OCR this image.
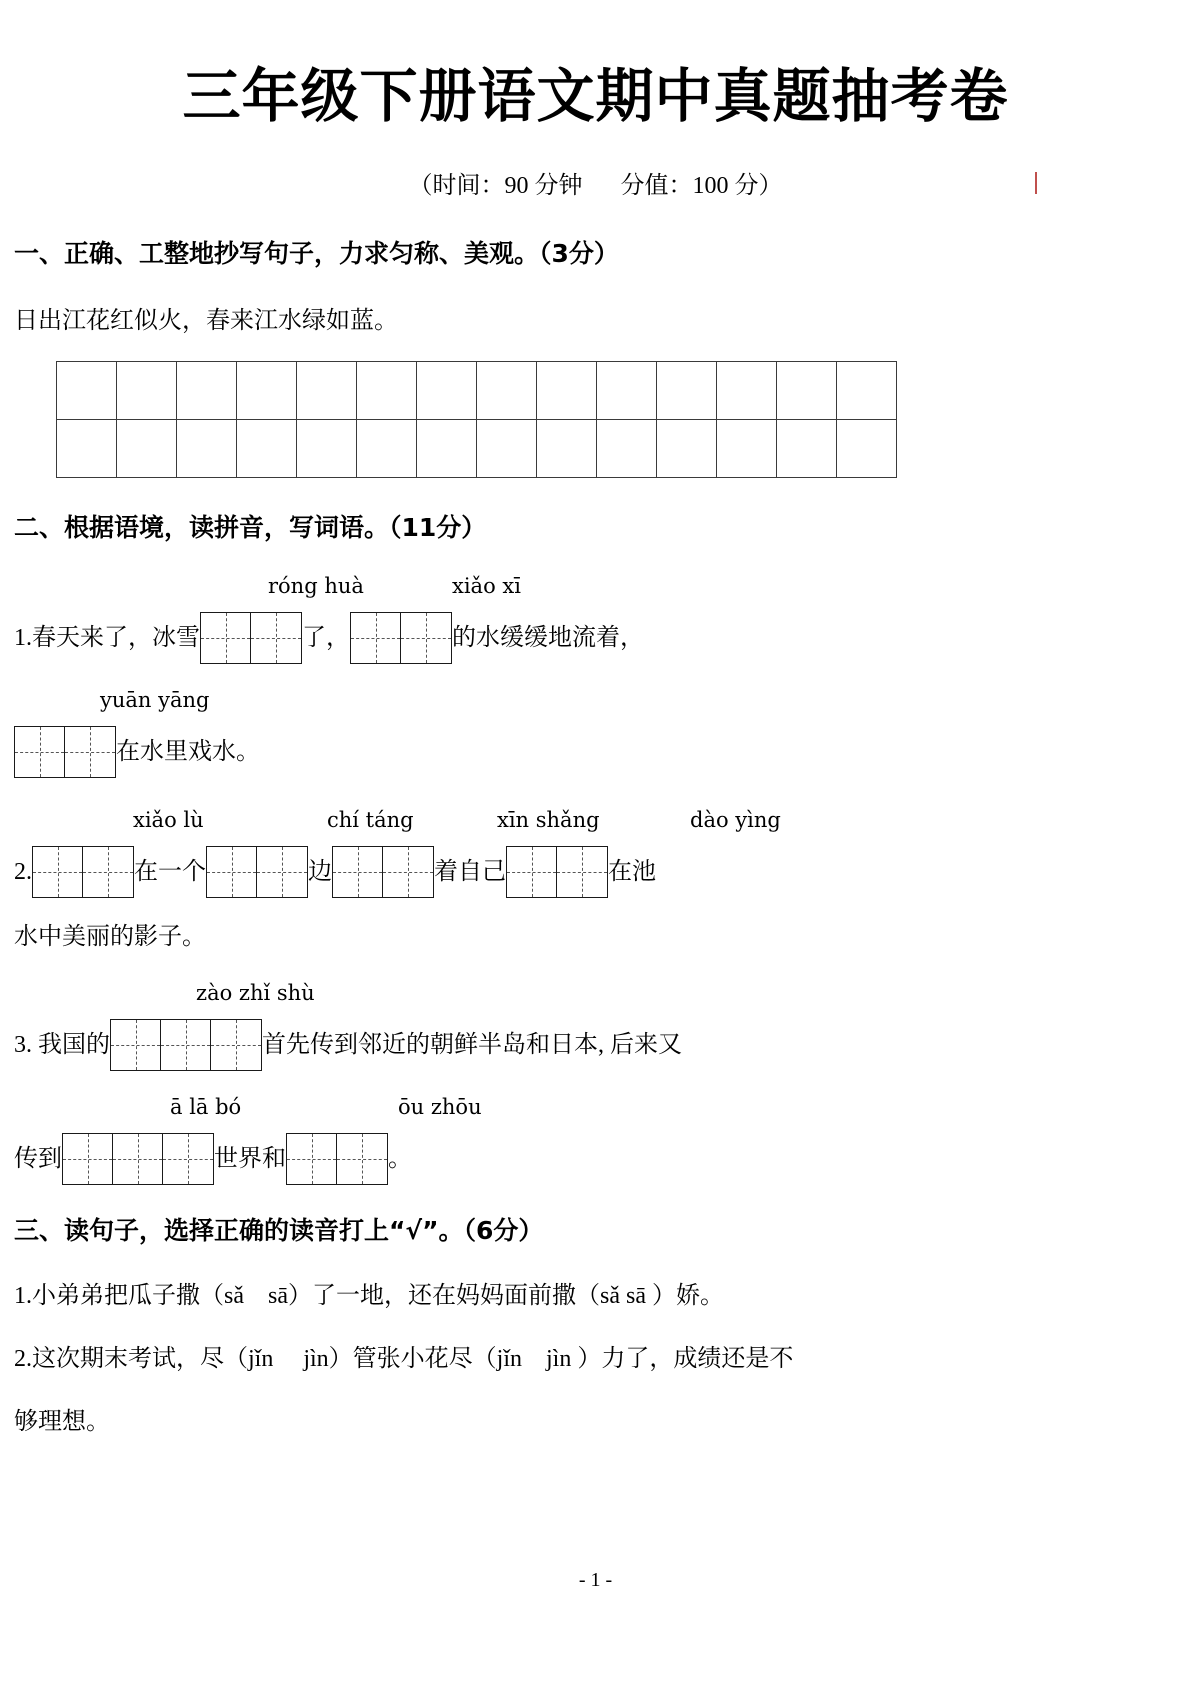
三年级下册语文期中真题抽考卷
（时间：90 分钟 分值：100 分）
一、正确、工整地抄写句子，力求匀称、美观。（3分）
日出江花红似火，春来江水绿如蓝。

二、根据语境，读拼音，写词语。（11分）
róng huà	xiǎo xī
1.春天来了，冰雪	了，	的水缓缓地流着，
yuān yāng
在水里戏水。
xiǎo lù	chí táng	xīn shǎng	dào yìng
2.	在一个	边	着自己	在池
水中美丽的影子。
zào zhǐ shù
3. 我国的	首先传到邻近的朝鲜半岛和日本, 后来又
ā lā bó	ōu zhōu
传到	世界和	。
三、读句子，选择正确的读音打上“√”。（6分）
1.小弟弟把瓜子撒（sǎ　sā）了一地，还在妈妈面前撒（sǎ sā ）娇。
2.这次期末考试，尽（jǐn　 jìn）管张小花尽（jǐn　jìn ）力了，成绩还是不
够理想。
- 1 -
